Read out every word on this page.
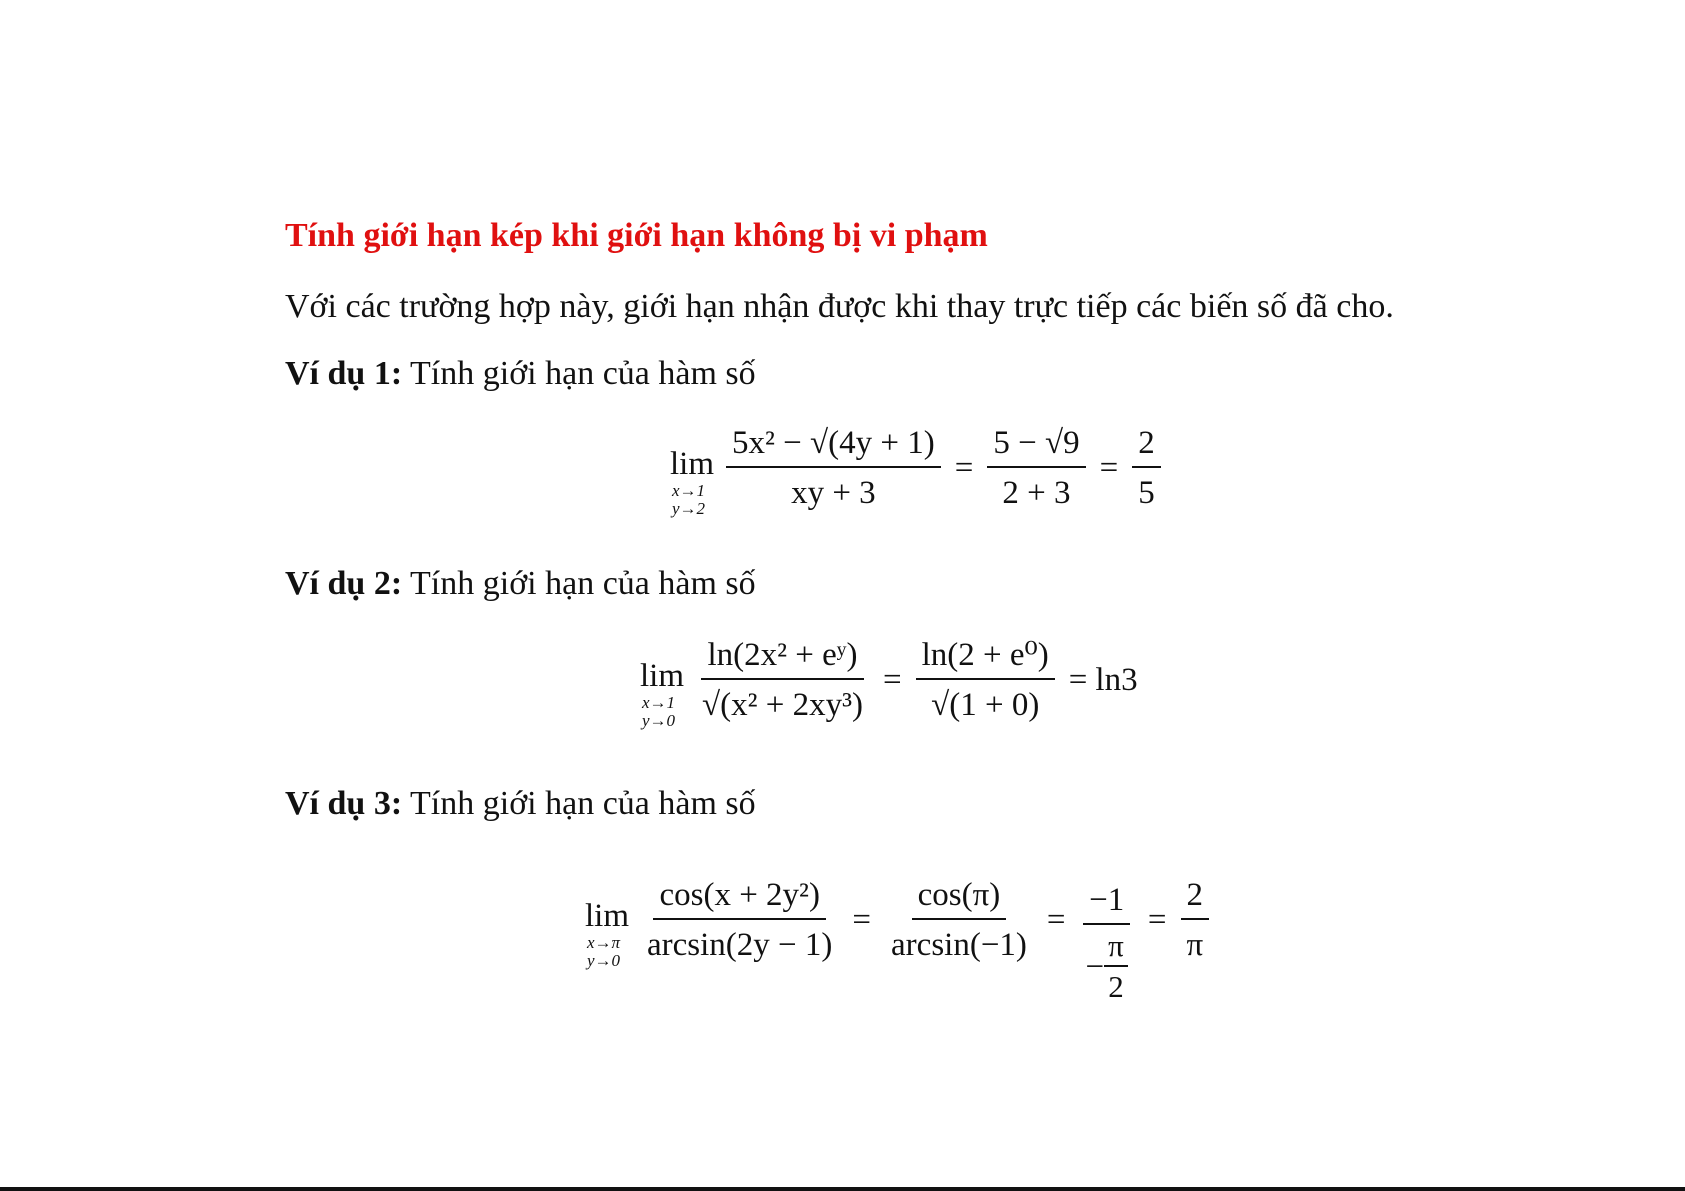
Tính giới hạn kép khi giới hạn không bị vi phạm
Với các trường hợp này, giới hạn nhận được khi thay trực tiếp các biến số đã cho.
Ví dụ 1: Tính giới hạn của hàm số
lim
x→1
$y\to 2 \frac{\text{5x² − √(4y + 1)}}{xy + 3} = \frac{5 - √9}{2 + 3} = \frac{2}{5}$
Ví dụ 2: Tính giới hạn của hàm số
lim
x→1
$y\to 0 \frac{\text{ln(2x² + eʸ)}}{\text{√(x² + 2xy³)}} = \frac{\text{ln(2 + e⁰)}}{√(1 + 0)} = \ln 3$
Ví dụ 3: Tính giới hạn của hàm số
lim
x→π
$y\to 0 \frac{\text{cos(x + 2y²)}}{\arcsin(2y - 1)} = \frac{\cos(\pi)}{\arcsin(-1)} = \frac{-1}{- \frac{\pi}{2}} = \frac{2}{\pi}$
